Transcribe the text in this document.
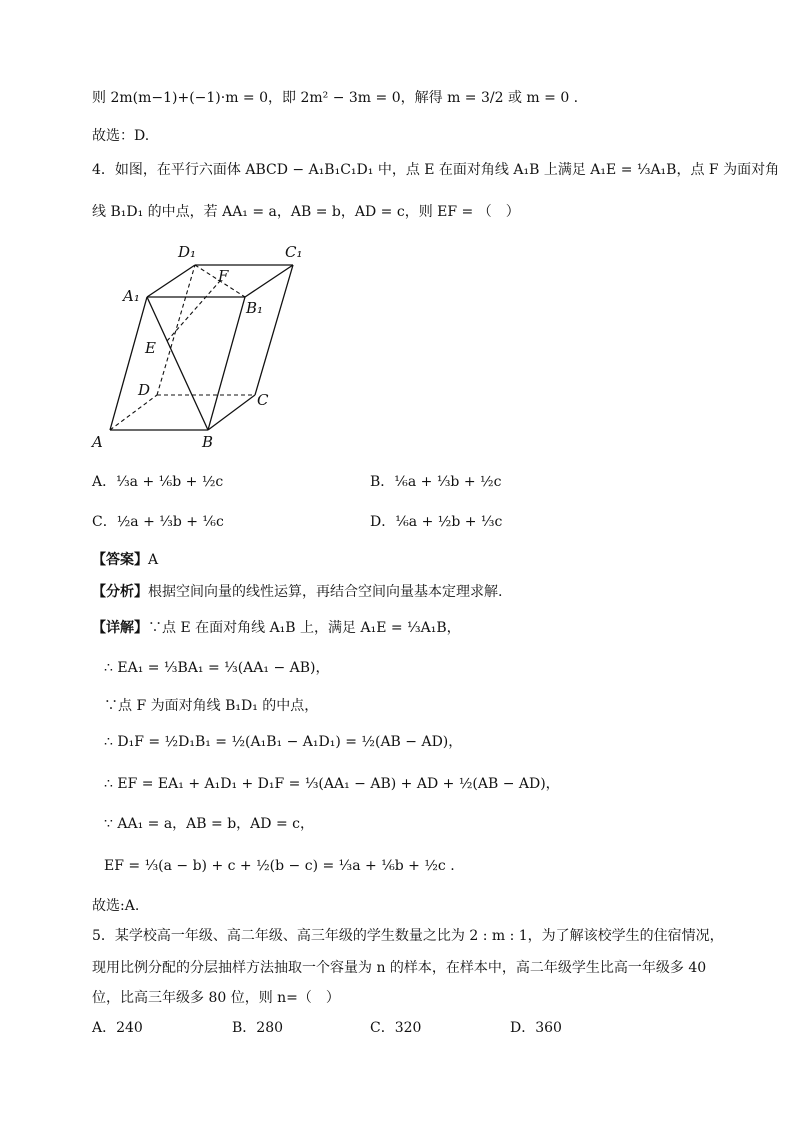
则 2m(m−1)+(−1)·m = 0，即 2m² − 3m = 0，解得 m = 3/2 或 m = 0 .
故选：D.
4．如图，在平行六面体 ABCD − A₁B₁C₁D₁ 中，点 E 在面对角线 A₁B 上满足 A₁E = ⅓A₁B，点 F 为面对角
线 B₁D₁ 的中点，若 AA₁ = a，AB = b，AD = c，则 EF = （　）
A	B
C
D
A₁
B₁
C₁
D₁
E
F
A．⅓a + ⅙b + ½c	B．⅙a + ⅓b + ½c
C．½a + ⅓b + ⅙c	D．⅙a + ½b + ⅓c
【答案】A
【分析】根据空间向量的线性运算，再结合空间向量基本定理求解.
【详解】∵点 E 在面对角线 A₁B 上，满足 A₁E = ⅓A₁B，
∴ EA₁ = ⅓BA₁ = ⅓(AA₁ − AB)，
∵点 F 为面对角线 B₁D₁ 的中点，
∴ D₁F = ½D₁B₁ = ½(A₁B₁ − A₁D₁) = ½(AB − AD)，
∴ EF = EA₁ + A₁D₁ + D₁F = ⅓(AA₁ − AB) + AD + ½(AB − AD)，
∵ AA₁ = a，AB = b，AD = c，
EF = ⅓(a − b) + c + ½(b − c) = ⅓a + ⅙b + ½c .
故选:A.
5．某学校高一年级、高二年级、高三年级的学生数量之比为 2 : m : 1，为了解该校学生的住宿情况，
现用比例分配的分层抽样方法抽取一个容量为 n 的样本，在样本中，高二年级学生比高一年级多 40
位，比高三年级多 80 位，则 n=（　）
A．240	B．280	C．320	D．360
